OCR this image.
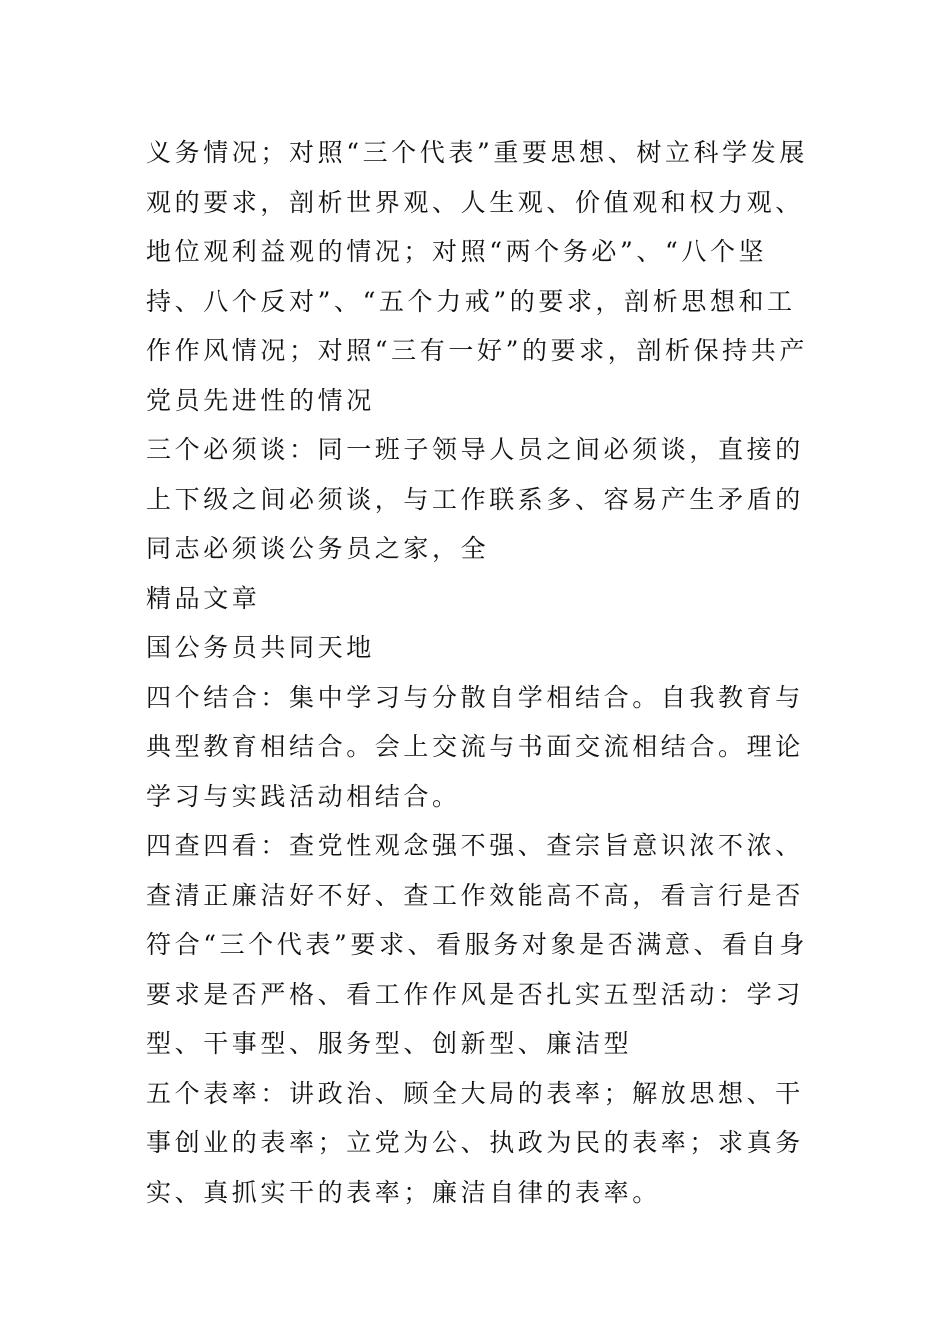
义务情况；对照“三个代表”重要思想、树立科学发展观的要求，剖析世界观、人生观、价值观和权力观、地位观利益观的情况；对照“两个务必”、“八个坚持、八个反对”、“五个力戒”的要求，剖析思想和工作作风情况；对照“三有一好”的要求，剖析保持共产党员先进性的情况

三个必须谈：同一班子领导人员之间必须谈，直接的上下级之间必须谈，与工作联系多、容易产生矛盾的同志必须谈公务员之家，全

精品文章

国公务员共同天地

四个结合：集中学习与分散自学相结合。自我教育与典型教育相结合。会上交流与书面交流相结合。理论学习与实践活动相结合。

四查四看：查党性观念强不强、查宗旨意识浓不浓、查清正廉洁好不好、查工作效能高不高，看言行是否符合“三个代表”要求、看服务对象是否满意、看自身要求是否严格、看工作作风是否扎实五型活动：学习型、干事型、服务型、创新型、廉洁型

五个表率：讲政治、顾全大局的表率；解放思想、干事创业的表率；立党为公、执政为民的表率；求真务实、真抓实干的表率；廉洁自律的表率。
